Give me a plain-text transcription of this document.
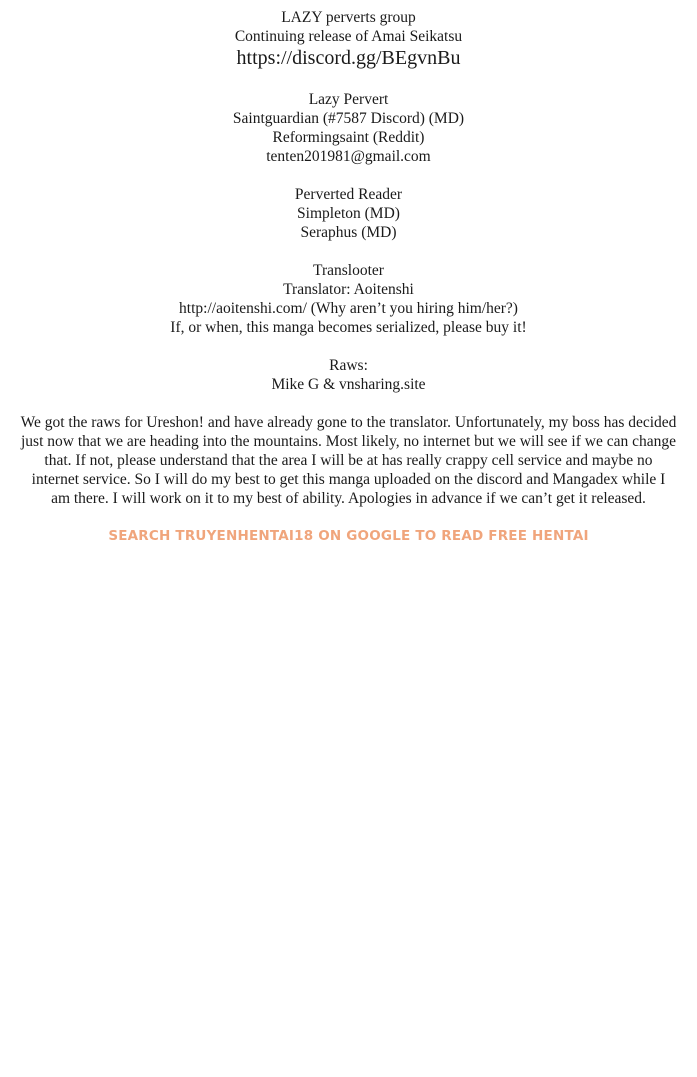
LAZY perverts group
Continuing release of Amai Seikatsu
https://discord.gg/BEgvnBu
Lazy Pervert
Saintguardian (#7587 Discord) (MD)
Reformingsaint (Reddit)
tenten201981@gmail.com
Perverted Reader
Simpleton (MD)
Seraphus (MD)
Translooter
Translator: Aoitenshi
http://aoitenshi.com/ (Why aren’t you hiring him/her?)
If, or when, this manga becomes serialized, please buy it!
Raws:
Mike G & vnsharing.site
We got the raws for Ureshon! and have already gone to the translator. Unfortunately, my boss has decided
just now that we are heading into the mountains. Most likely, no internet but we will see if we can change
that. If not, please understand that the area I will be at has really crappy cell service and maybe no
internet service. So I will do my best to get this manga uploaded on the discord and Mangadex while I
am there. I will work on it to my best of ability. Apologies in advance if we can’t get it released.
SEARCH TRUYENHENTAI18 ON GOOGLE TO READ FREE HENTAI
